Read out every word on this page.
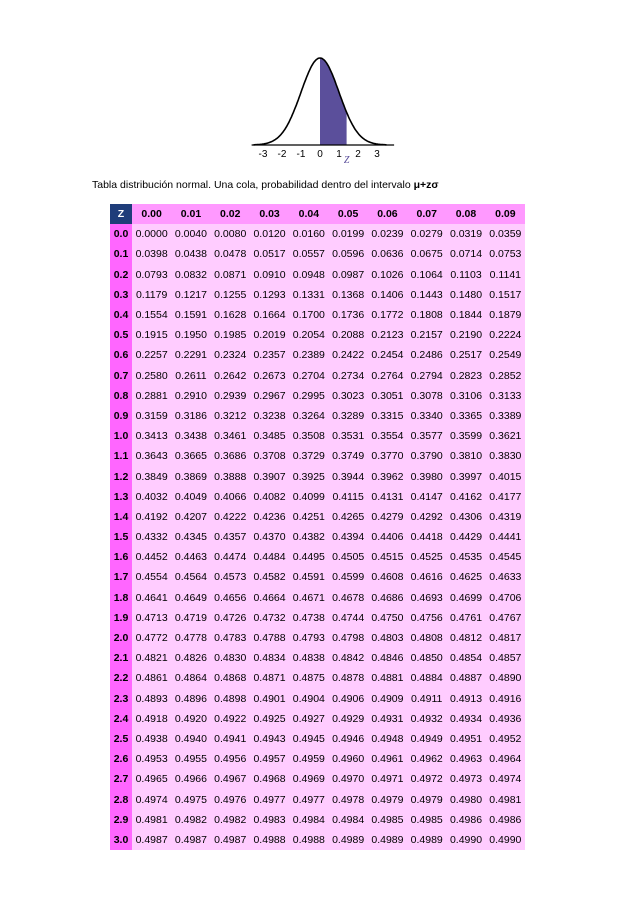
-3 -2 -1 0 1 2 3
Z
Tabla distribución normal. Una cola, probabilidad dentro del intervalo μ+zσ
Z	0.00	0.01	0.02	0.03	0.04	0.05	0.06	0.07	0.08	0.09
0.0	0.0000	0.0040	0.0080	0.0120	0.0160	0.0199	0.0239	0.0279	0.0319	0.0359
0.1	0.0398	0.0438	0.0478	0.0517	0.0557	0.0596	0.0636	0.0675	0.0714	0.0753
0.2	0.0793	0.0832	0.0871	0.0910	0.0948	0.0987	0.1026	0.1064	0.1103	0.1141
0.3	0.1179	0.1217	0.1255	0.1293	0.1331	0.1368	0.1406	0.1443	0.1480	0.1517
0.4	0.1554	0.1591	0.1628	0.1664	0.1700	0.1736	0.1772	0.1808	0.1844	0.1879
0.5	0.1915	0.1950	0.1985	0.2019	0.2054	0.2088	0.2123	0.2157	0.2190	0.2224
0.6	0.2257	0.2291	0.2324	0.2357	0.2389	0.2422	0.2454	0.2486	0.2517	0.2549
0.7	0.2580	0.2611	0.2642	0.2673	0.2704	0.2734	0.2764	0.2794	0.2823	0.2852
0.8	0.2881	0.2910	0.2939	0.2967	0.2995	0.3023	0.3051	0.3078	0.3106	0.3133
0.9	0.3159	0.3186	0.3212	0.3238	0.3264	0.3289	0.3315	0.3340	0.3365	0.3389
1.0	0.3413	0.3438	0.3461	0.3485	0.3508	0.3531	0.3554	0.3577	0.3599	0.3621
1.1	0.3643	0.3665	0.3686	0.3708	0.3729	0.3749	0.3770	0.3790	0.3810	0.3830
1.2	0.3849	0.3869	0.3888	0.3907	0.3925	0.3944	0.3962	0.3980	0.3997	0.4015
1.3	0.4032	0.4049	0.4066	0.4082	0.4099	0.4115	0.4131	0.4147	0.4162	0.4177
1.4	0.4192	0.4207	0.4222	0.4236	0.4251	0.4265	0.4279	0.4292	0.4306	0.4319
1.5	0.4332	0.4345	0.4357	0.4370	0.4382	0.4394	0.4406	0.4418	0.4429	0.4441
1.6	0.4452	0.4463	0.4474	0.4484	0.4495	0.4505	0.4515	0.4525	0.4535	0.4545
1.7	0.4554	0.4564	0.4573	0.4582	0.4591	0.4599	0.4608	0.4616	0.4625	0.4633
1.8	0.4641	0.4649	0.4656	0.4664	0.4671	0.4678	0.4686	0.4693	0.4699	0.4706
1.9	0.4713	0.4719	0.4726	0.4732	0.4738	0.4744	0.4750	0.4756	0.4761	0.4767
2.0	0.4772	0.4778	0.4783	0.4788	0.4793	0.4798	0.4803	0.4808	0.4812	0.4817
2.1	0.4821	0.4826	0.4830	0.4834	0.4838	0.4842	0.4846	0.4850	0.4854	0.4857
2.2	0.4861	0.4864	0.4868	0.4871	0.4875	0.4878	0.4881	0.4884	0.4887	0.4890
2.3	0.4893	0.4896	0.4898	0.4901	0.4904	0.4906	0.4909	0.4911	0.4913	0.4916
2.4	0.4918	0.4920	0.4922	0.4925	0.4927	0.4929	0.4931	0.4932	0.4934	0.4936
2.5	0.4938	0.4940	0.4941	0.4943	0.4945	0.4946	0.4948	0.4949	0.4951	0.4952
2.6	0.4953	0.4955	0.4956	0.4957	0.4959	0.4960	0.4961	0.4962	0.4963	0.4964
2.7	0.4965	0.4966	0.4967	0.4968	0.4969	0.4970	0.4971	0.4972	0.4973	0.4974
2.8	0.4974	0.4975	0.4976	0.4977	0.4977	0.4978	0.4979	0.4979	0.4980	0.4981
2.9	0.4981	0.4982	0.4982	0.4983	0.4984	0.4984	0.4985	0.4985	0.4986	0.4986
3.0	0.4987	0.4987	0.4987	0.4988	0.4988	0.4989	0.4989	0.4989	0.4990	0.4990
